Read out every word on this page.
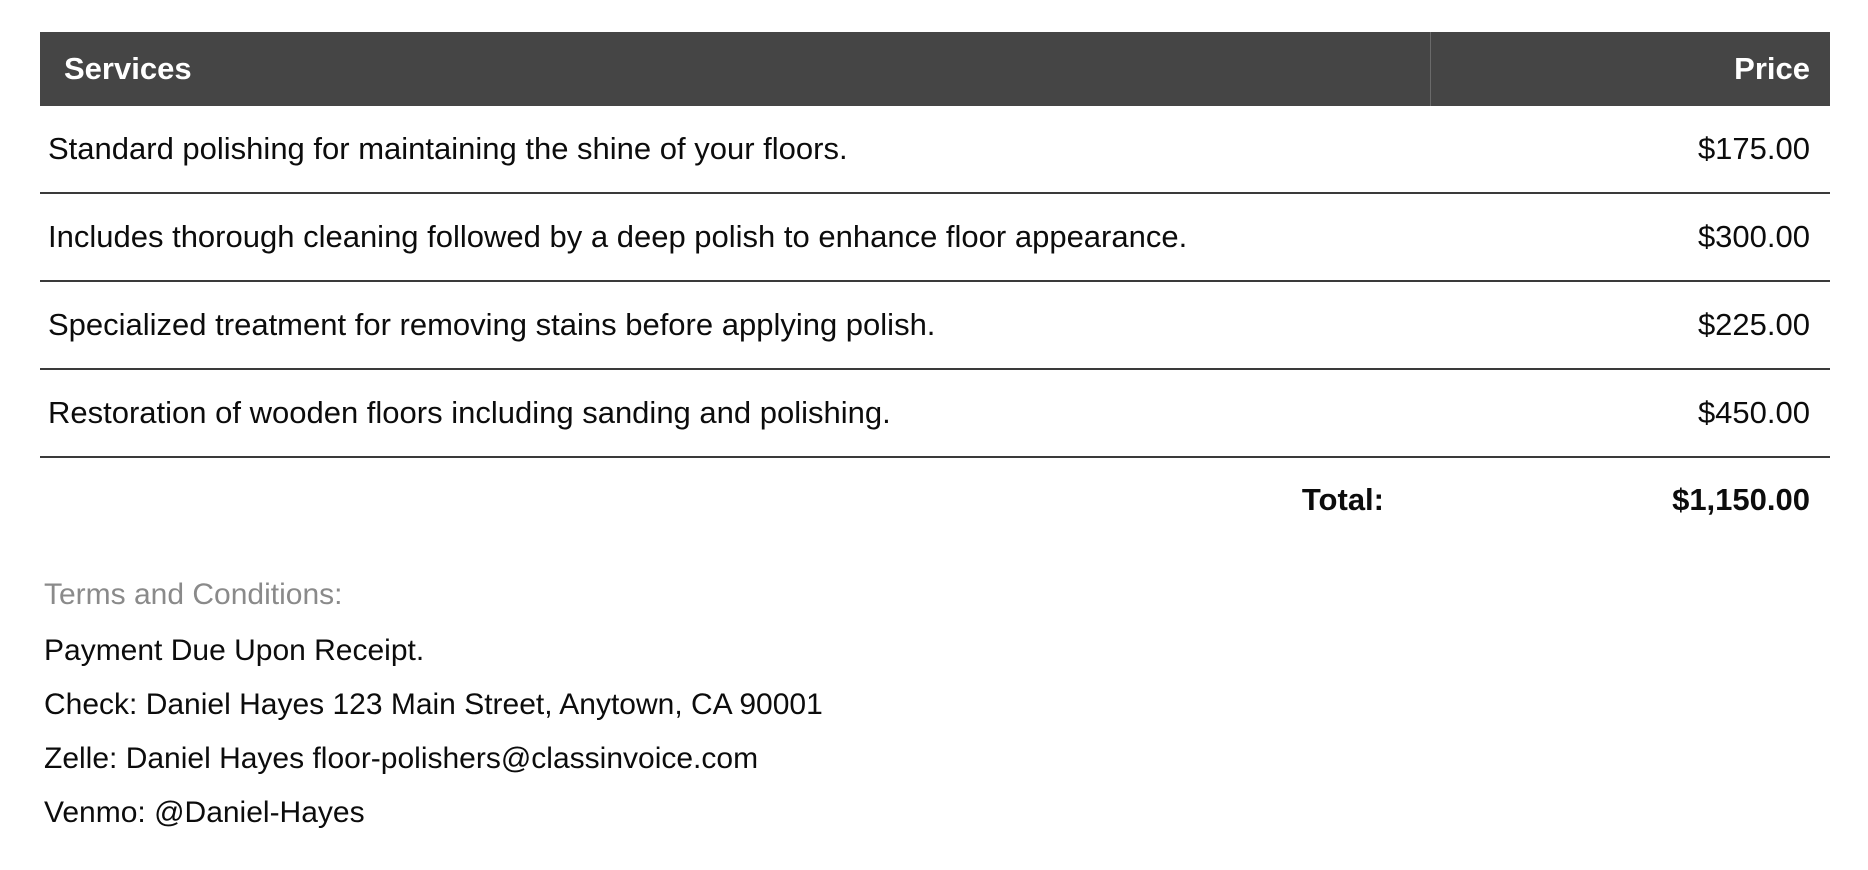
Services	Price
Standard polishing for maintaining the shine of your floors.	$175.00
Includes thorough cleaning followed by a deep polish to enhance floor appearance.	$300.00
Specialized treatment for removing stains before applying polish.	$225.00
Restoration of wooden floors including sanding and polishing.	$450.00
Total:	$1,150.00
Terms and Conditions:
Payment Due Upon Receipt.
Check: Daniel Hayes 123 Main Street, Anytown, CA 90001
Zelle: Daniel Hayes floor-polishers@classinvoice.com
Venmo: @Daniel-Hayes
